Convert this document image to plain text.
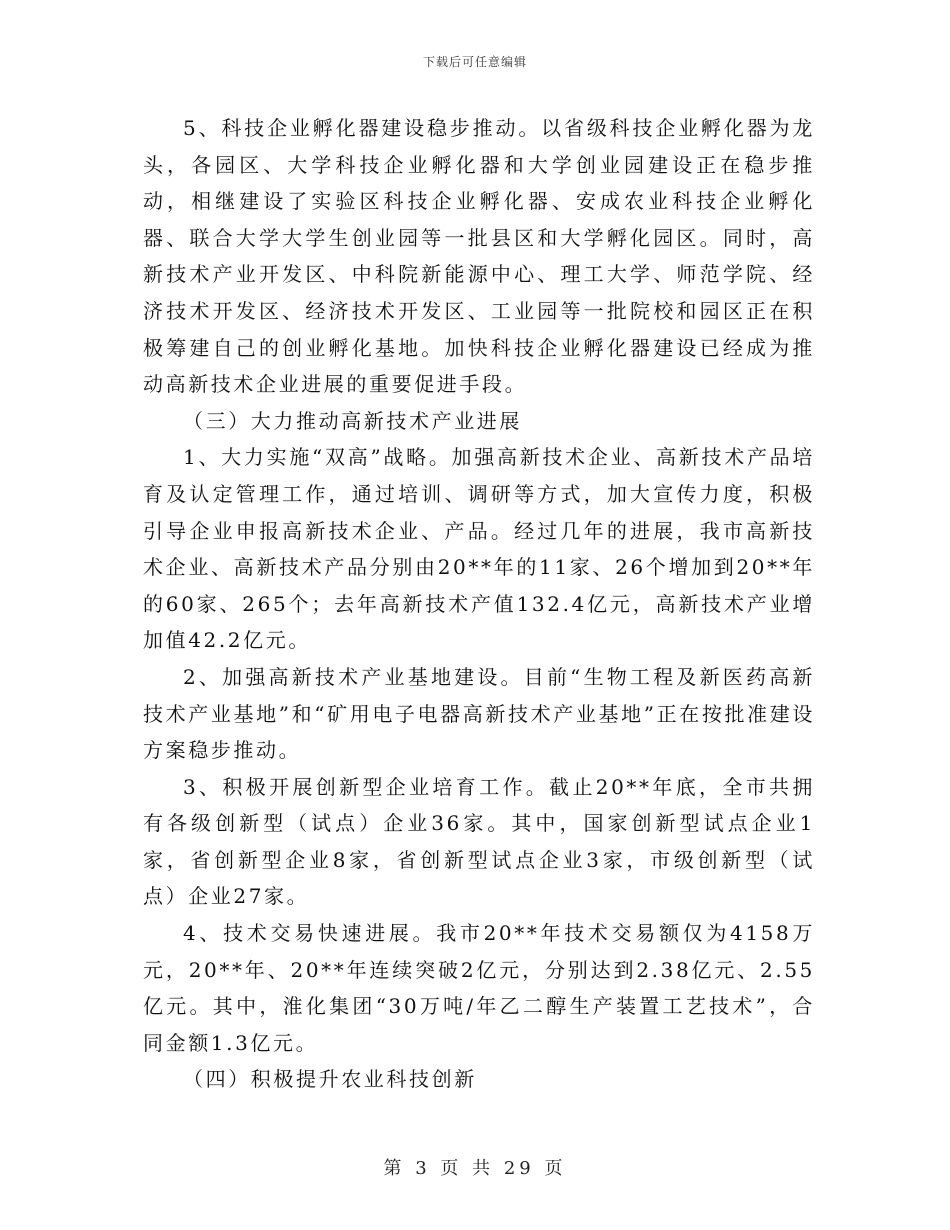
下载后可任意编辑

5、科技企业孵化器建设稳步推动。以省级科技企业孵化器为龙头，各园区、大学科技企业孵化器和大学创业园建设正在稳步推动，相继建设了实验区科技企业孵化器、安成农业科技企业孵化器、联合大学大学生创业园等一批县区和大学孵化园区。同时，高新技术产业开发区、中科院新能源中心、理工大学、师范学院、经济技术开发区、经济技术开发区、工业园等一批院校和园区正在积极筹建自己的创业孵化基地。加快科技企业孵化器建设已经成为推动高新技术企业进展的重要促进手段。

（三）大力推动高新技术产业进展

1、大力实施“双高”战略。加强高新技术企业、高新技术产品培育及认定管理工作，通过培训、调研等方式，加大宣传力度，积极引导企业申报高新技术企业、产品。经过几年的进展，我市高新技术企业、高新技术产品分别由20**年的11家、26个增加到20**年的60家、265个；去年高新技术产值132.4亿元，高新技术产业增加值42.2亿元。

2、加强高新技术产业基地建设。目前“生物工程及新医药高新技术产业基地”和“矿用电子电器高新技术产业基地”正在按批准建设方案稳步推动。

3、积极开展创新型企业培育工作。截止20**年底，全市共拥有各级创新型（试点）企业36家。其中，国家创新型试点企业1家，省创新型企业8家，省创新型试点企业3家，市级创新型（试点）企业27家。

4、技术交易快速进展。我市20**年技术交易额仅为4158万元，20**年、20**年连续突破2亿元，分别达到2.38亿元、2.55亿元。其中，淮化集团“30万吨/年乙二醇生产装置工艺技术”，合同金额1.3亿元。

（四）积极提升农业科技创新

第 3 页 共 29 页
